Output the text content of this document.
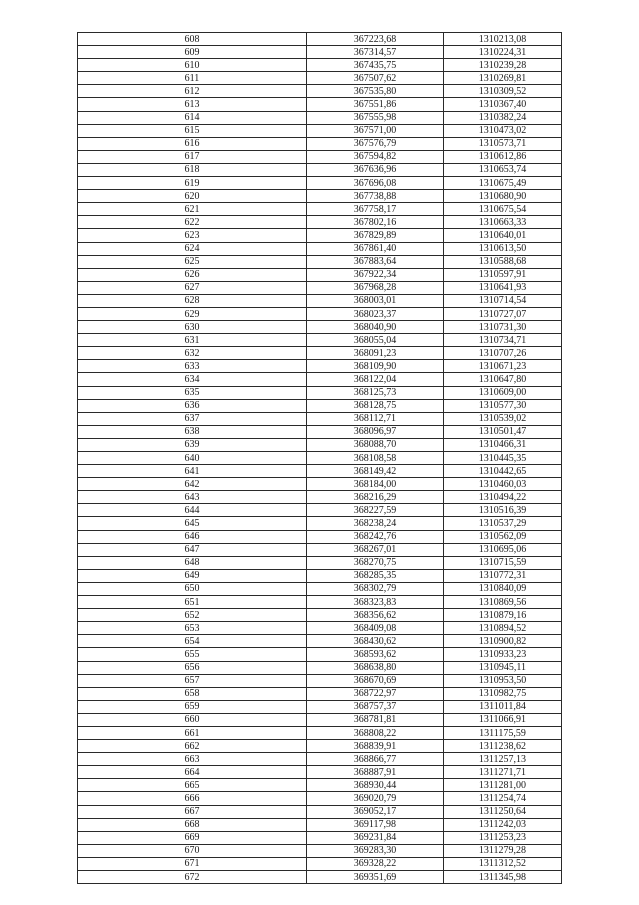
608	367223,68	1310213,08
609	367314,57	1310224,31
610	367435,75	1310239,28
611	367507,62	1310269,81
612	367535,80	1310309,52
613	367551,86	1310367,40
614	367555,98	1310382,24
615	367571,00	1310473,02
616	367576,79	1310573,71
617	367594,82	1310612,86
618	367636,96	1310653,74
619	367696,08	1310675,49
620	367738,88	1310680,90
621	367758,17	1310675,54
622	367802,16	1310663,33
623	367829,89	1310640,01
624	367861,40	1310613,50
625	367883,64	1310588,68
626	367922,34	1310597,91
627	367968,28	1310641,93
628	368003,01	1310714,54
629	368023,37	1310727,07
630	368040,90	1310731,30
631	368055,04	1310734,71
632	368091,23	1310707,26
633	368109,90	1310671,23
634	368122,04	1310647,80
635	368125,73	1310609,00
636	368128,75	1310577,30
637	368112,71	1310539,02
638	368096,97	1310501,47
639	368088,70	1310466,31
640	368108,58	1310445,35
641	368149,42	1310442,65
642	368184,00	1310460,03
643	368216,29	1310494,22
644	368227,59	1310516,39
645	368238,24	1310537,29
646	368242,76	1310562,09
647	368267,01	1310695,06
648	368270,75	1310715,59
649	368285,35	1310772,31
650	368302,79	1310840,09
651	368323,83	1310869,56
652	368356,62	1310879,16
653	368409,08	1310894,52
654	368430,62	1310900,82
655	368593,62	1310933,23
656	368638,80	1310945,11
657	368670,69	1310953,50
658	368722,97	1310982,75
659	368757,37	1311011,84
660	368781,81	1311066,91
661	368808,22	1311175,59
662	368839,91	1311238,62
663	368866,77	1311257,13
664	368887,91	1311271,71
665	368930,44	1311281,00
666	369020,79	1311254,74
667	369052,17	1311250,64
668	369117,98	1311242,03
669	369231,84	1311253,23
670	369283,30	1311279,28
671	369328,22	1311312,52
672	369351,69	1311345,98
